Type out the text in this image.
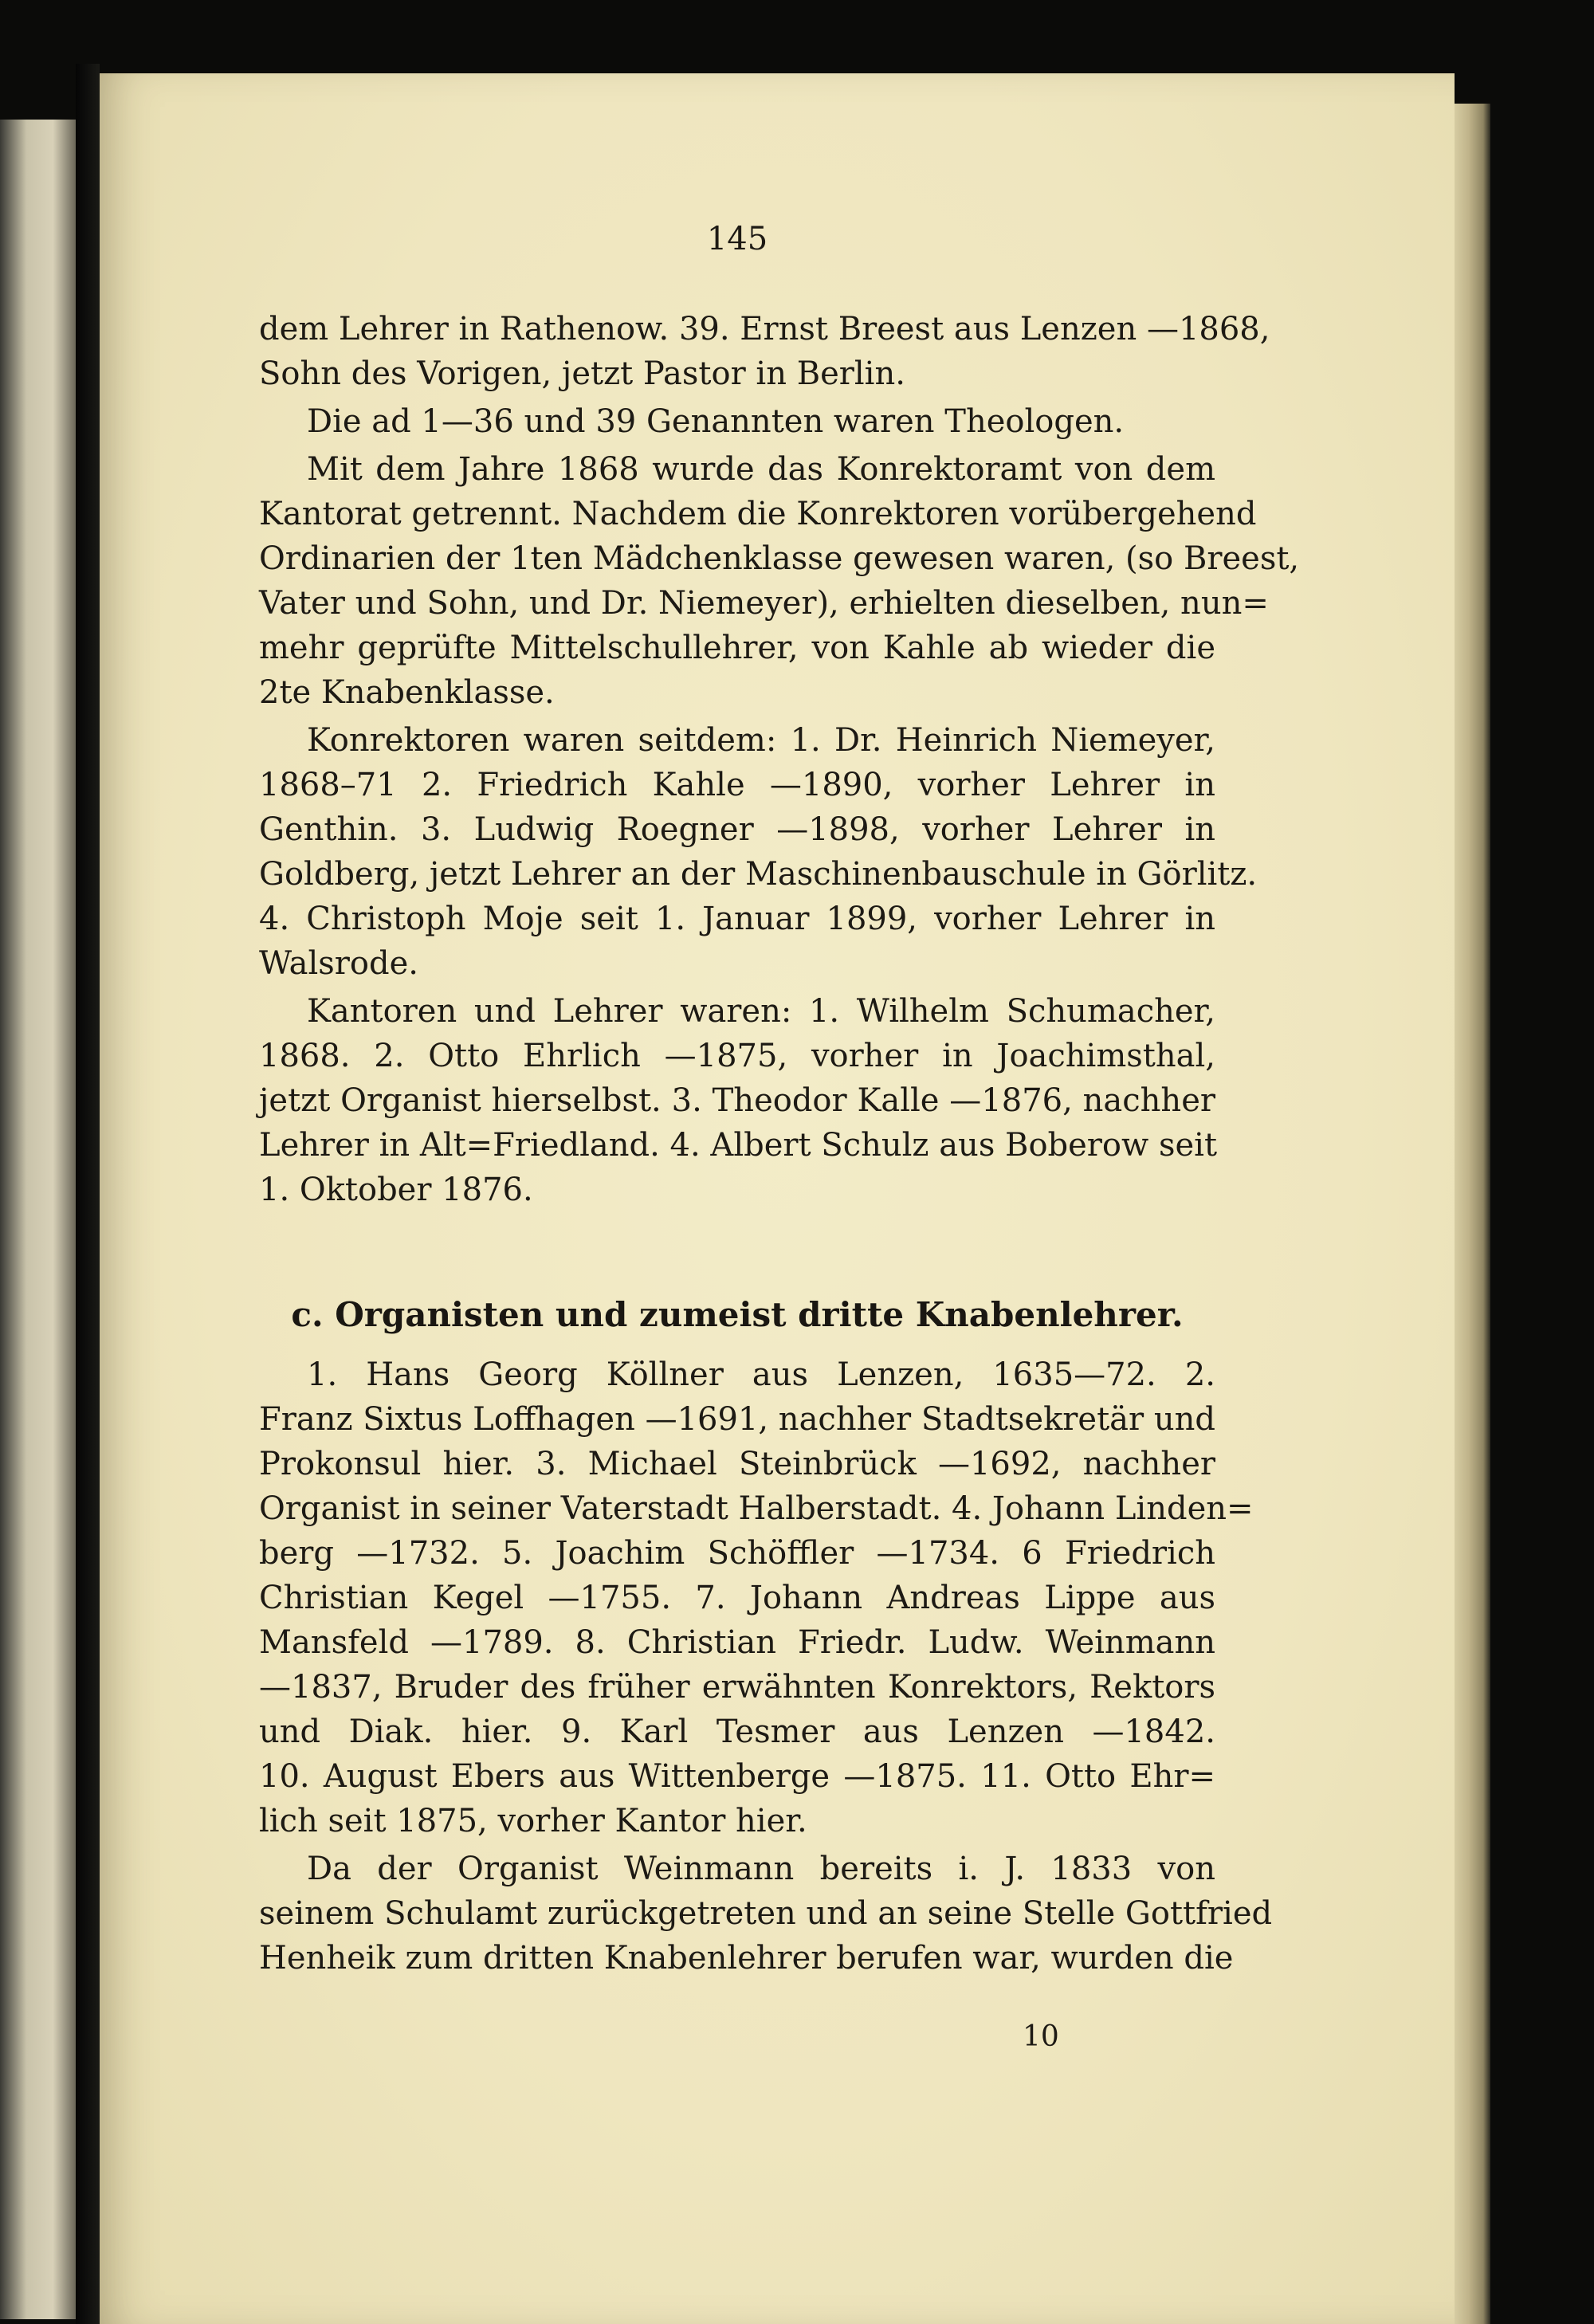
145
dem Lehrer in Rathenow. 39. Ernst Breest aus Lenzen —1868,
Sohn des Vorigen, jetzt Pastor in Berlin.
Die ad 1—36 und 39 Genannten waren Theologen.
Mit dem Jahre 1868 wurde das Konrektoramt von dem
Kantorat getrennt. Nachdem die Konrektoren vorübergehend
Ordinarien der 1ten Mädchenklasse gewesen waren, (so Breest,
Vater und Sohn, und Dr. Niemeyer), erhielten dieselben, nun=
mehr geprüfte Mittelschullehrer, von Kahle ab wieder die
2te Knabenklasse.
Konrektoren waren seitdem: 1. Dr. Heinrich Niemeyer,
1868–71 2. Friedrich Kahle —1890, vorher Lehrer in
Genthin. 3. Ludwig Roegner —1898, vorher Lehrer in
Goldberg, jetzt Lehrer an der Maschinenbauschule in Görlitz.
4. Christoph Moje seit 1. Januar 1899, vorher Lehrer in
Walsrode.
Kantoren und Lehrer waren: 1. Wilhelm Schumacher,
1868. 2. Otto Ehrlich —1875, vorher in Joachimsthal,
jetzt Organist hierselbst. 3. Theodor Kalle —1876, nachher
Lehrer in Alt=Friedland. 4. Albert Schulz aus Boberow seit
1. Oktober 1876.
c. Organisten und zumeist dritte Knabenlehrer.
1. Hans Georg Köllner aus Lenzen, 1635—72. 2.
Franz Sixtus Loffhagen —1691, nachher Stadtsekretär und
Prokonsul hier. 3. Michael Steinbrück —1692, nachher
Organist in seiner Vaterstadt Halberstadt. 4. Johann Linden=
berg —1732. 5. Joachim Schöffler —1734. 6 Friedrich
Christian Kegel —1755. 7. Johann Andreas Lippe aus
Mansfeld —1789. 8. Christian Friedr. Ludw. Weinmann
—1837, Bruder des früher erwähnten Konrektors, Rektors
und Diak. hier. 9. Karl Tesmer aus Lenzen —1842.
10. August Ebers aus Wittenberge —1875. 11. Otto Ehr=
lich seit 1875, vorher Kantor hier.
Da der Organist Weinmann bereits i. J. 1833 von
seinem Schulamt zurückgetreten und an seine Stelle Gottfried
Henheik zum dritten Knabenlehrer berufen war, wurden die
10
